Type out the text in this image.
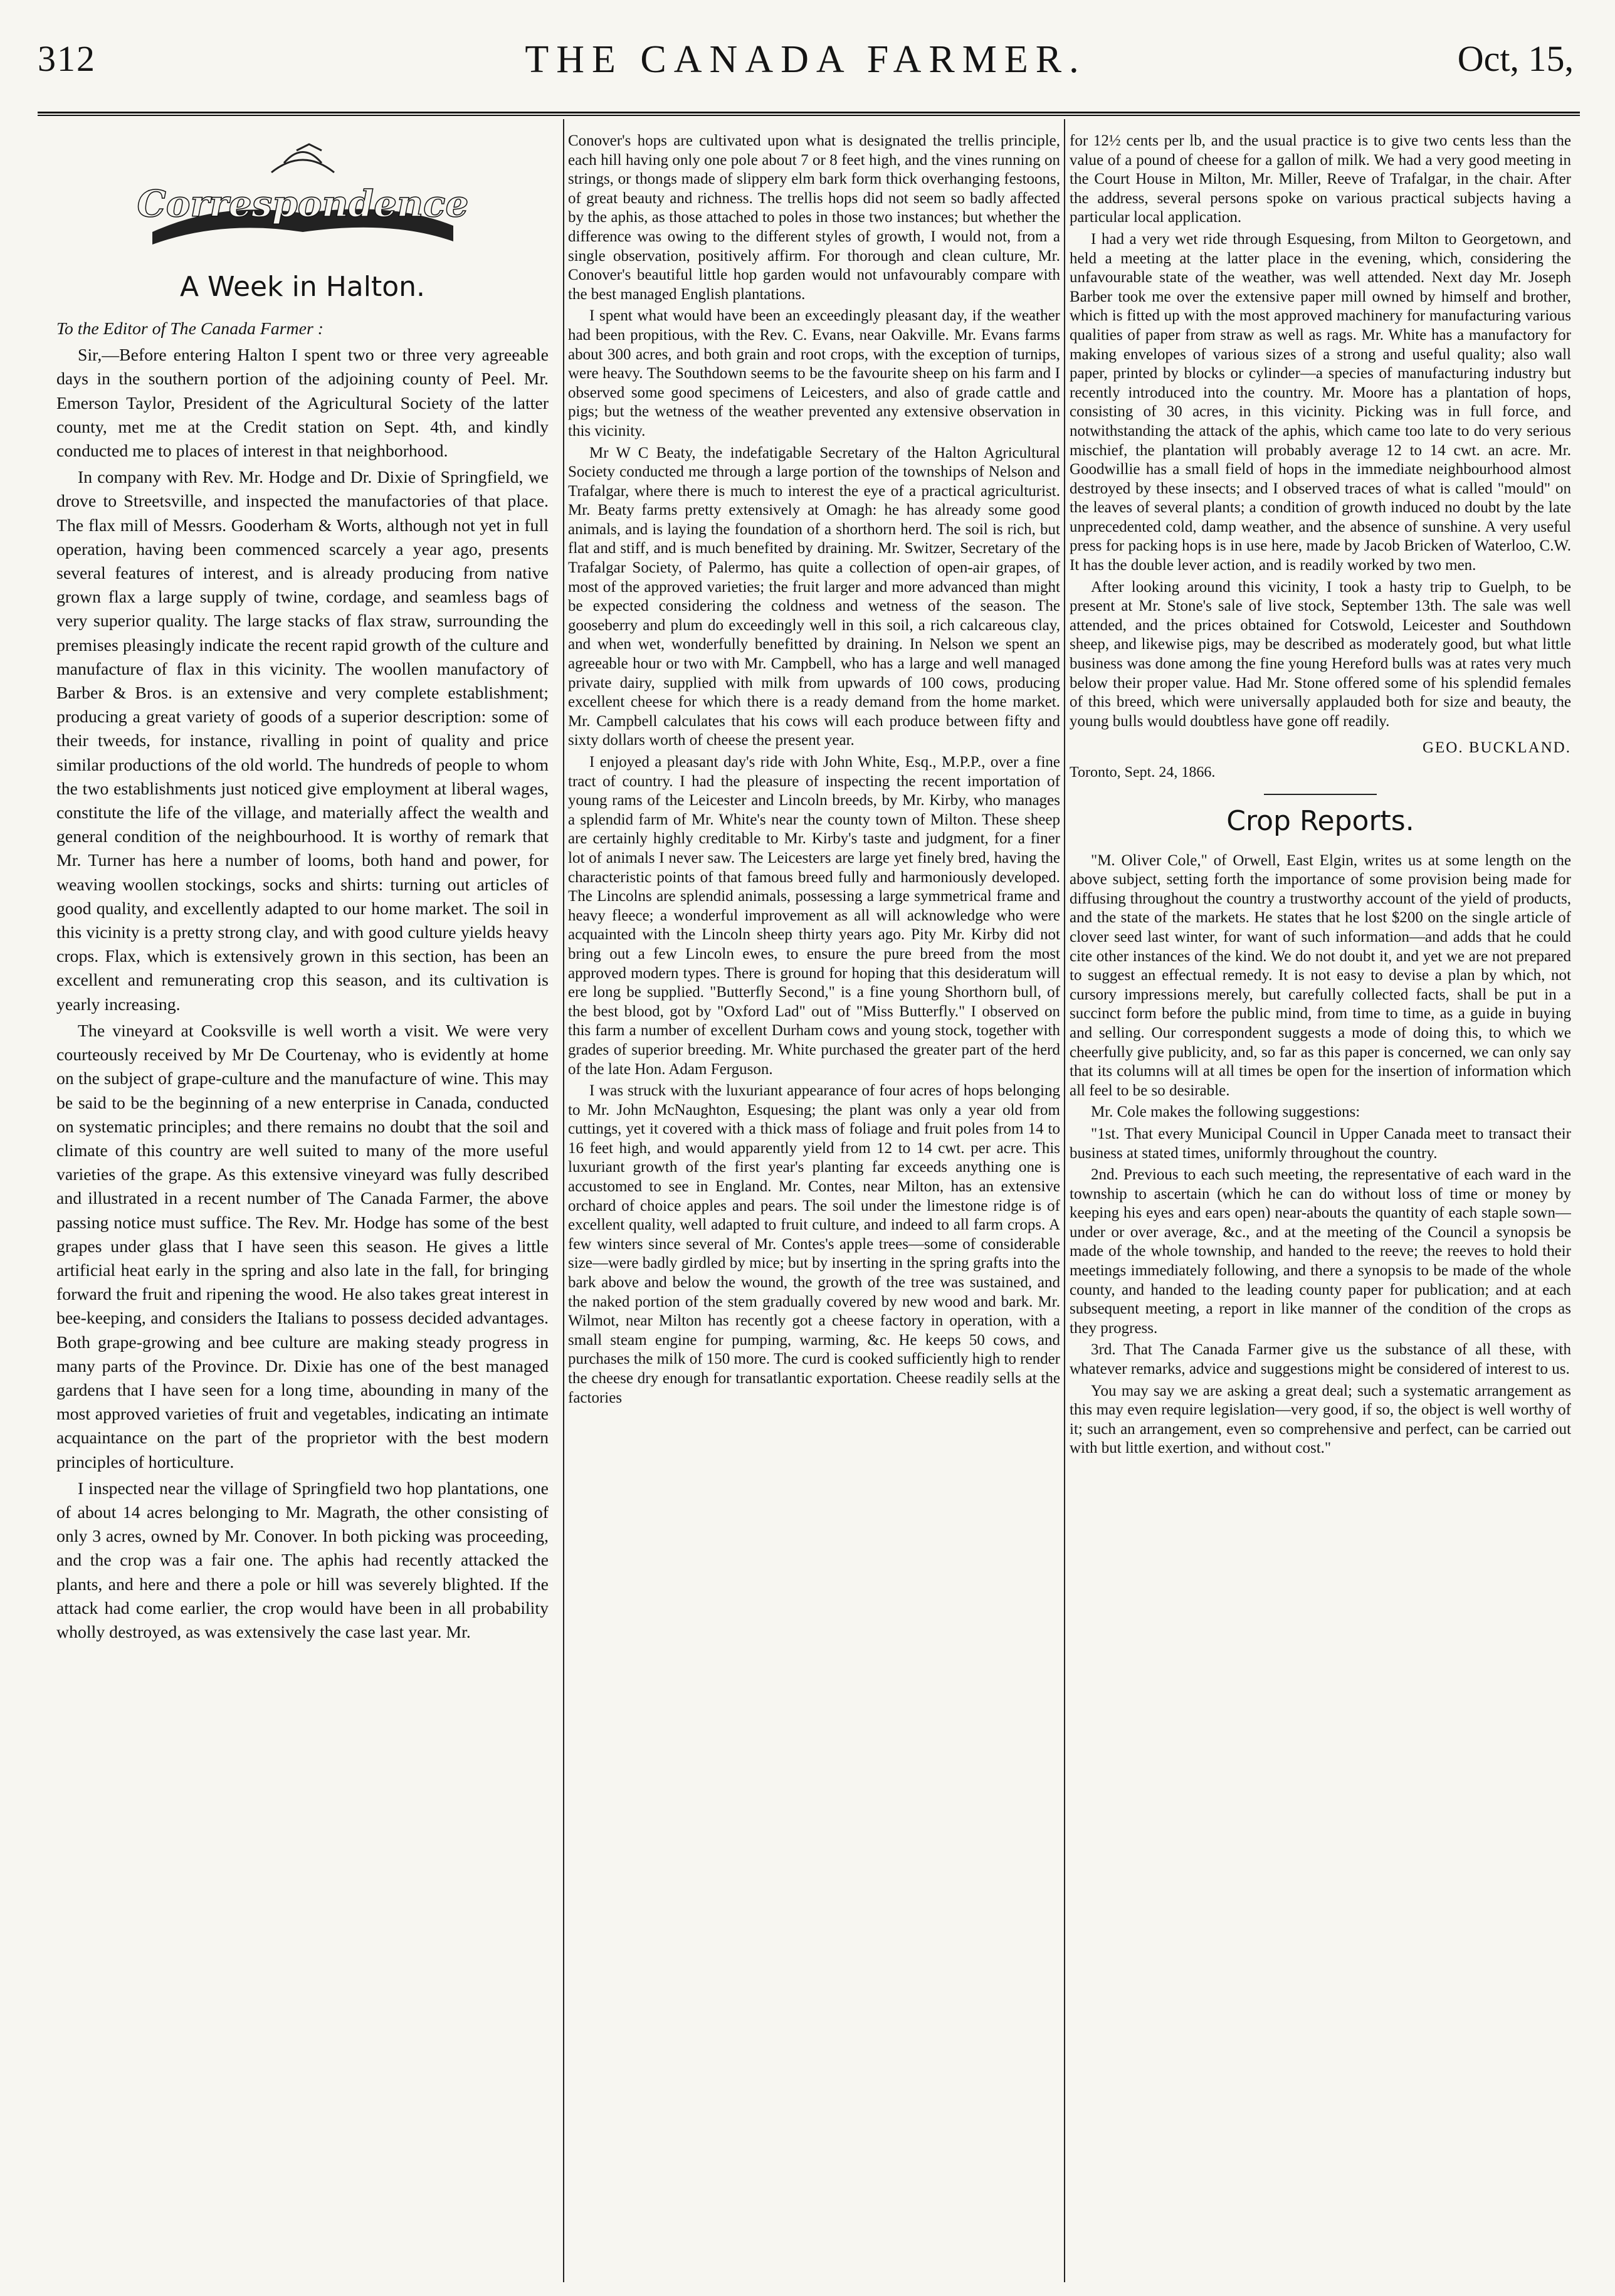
312	THE CANADA FARMER.	Oct, 15,
Correspondence
A Week in Halton.

To the Editor of The Canada Farmer :

Sir,—Before entering Halton I spent two or three very agreeable days in the southern portion of the adjoining county of Peel. Mr. Emerson Taylor, President of the Agricultural Society of the latter county, met me at the Credit station on Sept. 4th, and kindly conducted me to places of interest in that neighborhood.

In company with Rev. Mr. Hodge and Dr. Dixie of Springfield, we drove to Streetsville, and inspected the manufactories of that place. The flax mill of Messrs. Gooderham & Worts, although not yet in full operation, having been commenced scarcely a year ago, presents several features of interest, and is already producing from native grown flax a large supply of twine, cordage, and seamless bags of very superior quality. The large stacks of flax straw, surrounding the premises pleasingly indicate the recent rapid growth of the culture and manufacture of flax in this vicinity. The woollen manufactory of Barber & Bros. is an extensive and very complete establishment; producing a great variety of goods of a superior description: some of their tweeds, for instance, rivalling in point of quality and price similar productions of the old world. The hundreds of people to whom the two establishments just noticed give employment at liberal wages, constitute the life of the village, and materially affect the wealth and general condition of the neighbourhood. It is worthy of remark that Mr. Turner has here a number of looms, both hand and power, for weaving woollen stockings, socks and shirts: turning out articles of good quality, and excellently adapted to our home market. The soil in this vicinity is a pretty strong clay, and with good culture yields heavy crops. Flax, which is extensively grown in this section, has been an excellent and remunerating crop this season, and its cultivation is yearly increasing.

The vineyard at Cooksville is well worth a visit. We were very courteously received by Mr De Courtenay, who is evidently at home on the subject of grape-culture and the manufacture of wine. This may be said to be the beginning of a new enterprise in Canada, conducted on systematic principles; and there remains no doubt that the soil and climate of this country are well suited to many of the more useful varieties of the grape. As this extensive vineyard was fully described and illustrated in a recent number of The Canada Farmer, the above passing notice must suffice. The Rev. Mr. Hodge has some of the best grapes under glass that I have seen this season. He gives a little artificial heat early in the spring and also late in the fall, for bringing forward the fruit and ripening the wood. He also takes great interest in bee-keeping, and considers the Italians to possess decided advantages. Both grape-growing and bee culture are making steady progress in many parts of the Province. Dr. Dixie has one of the best managed gardens that I have seen for a long time, abounding in many of the most approved varieties of fruit and vegetables, indicating an intimate acquaintance on the part of the proprietor with the best modern principles of horticulture.

I inspected near the village of Springfield two hop plantations, one of about 14 acres belonging to Mr. Magrath, the other consisting of only 3 acres, owned by Mr. Conover. In both picking was proceeding, and the crop was a fair one. The aphis had recently attacked the plants, and here and there a pole or hill was severely blighted. If the attack had come earlier, the crop would have been in all probability wholly destroyed, as was extensively the case last year. Mr.

Conover's hops are cultivated upon what is designated the trellis principle, each hill having only one pole about 7 or 8 feet high, and the vines running on strings, or thongs made of slippery elm bark form thick overhanging festoons, of great beauty and richness. The trellis hops did not seem so badly affected by the aphis, as those attached to poles in those two instances; but whether the difference was owing to the different styles of growth, I would not, from a single observation, positively affirm. For thorough and clean culture, Mr. Conover's beautiful little hop garden would not unfavourably compare with the best managed English plantations.

I spent what would have been an exceedingly pleasant day, if the weather had been propitious, with the Rev. C. Evans, near Oakville. Mr. Evans farms about 300 acres, and both grain and root crops, with the exception of turnips, were heavy. The Southdown seems to be the favourite sheep on his farm and I observed some good specimens of Leicesters, and also of grade cattle and pigs; but the wetness of the weather prevented any extensive observation in this vicinity.

Mr W C Beaty, the indefatigable Secretary of the Halton Agricultural Society conducted me through a large portion of the townships of Nelson and Trafalgar, where there is much to interest the eye of a practical agriculturist. Mr. Beaty farms pretty extensively at Omagh: he has already some good animals, and is laying the foundation of a shorthorn herd. The soil is rich, but flat and stiff, and is much benefited by draining. Mr. Switzer, Secretary of the Trafalgar Society, of Palermo, has quite a collection of open-air grapes, of most of the approved varieties; the fruit larger and more advanced than might be expected considering the coldness and wetness of the season. The gooseberry and plum do exceedingly well in this soil, a rich calcareous clay, and when wet, wonderfully benefitted by draining. In Nelson we spent an agreeable hour or two with Mr. Campbell, who has a large and well managed private dairy, supplied with milk from upwards of 100 cows, producing excellent cheese for which there is a ready demand from the home market. Mr. Campbell calculates that his cows will each produce between fifty and sixty dollars worth of cheese the present year.

I enjoyed a pleasant day's ride with John White, Esq., M.P.P., over a fine tract of country. I had the pleasure of inspecting the recent importation of young rams of the Leicester and Lincoln breeds, by Mr. Kirby, who manages a splendid farm of Mr. White's near the county town of Milton. These sheep are certainly highly creditable to Mr. Kirby's taste and judgment, for a finer lot of animals I never saw. The Leicesters are large yet finely bred, having the characteristic points of that famous breed fully and harmoniously developed. The Lincolns are splendid animals, possessing a large symmetrical frame and heavy fleece; a wonderful improvement as all will acknowledge who were acquainted with the Lincoln sheep thirty years ago. Pity Mr. Kirby did not bring out a few Lincoln ewes, to ensure the pure breed from the most approved modern types. There is ground for hoping that this desideratum will ere long be supplied. "Butterfly Second," is a fine young Shorthorn bull, of the best blood, got by "Oxford Lad" out of "Miss Butterfly." I observed on this farm a number of excellent Durham cows and young stock, together with grades of superior breeding. Mr. White purchased the greater part of the herd of the late Hon. Adam Ferguson.

I was struck with the luxuriant appearance of four acres of hops belonging to Mr. John McNaughton, Esquesing; the plant was only a year old from cuttings, yet it covered with a thick mass of foliage and fruit poles from 14 to 16 feet high, and would apparently yield from 12 to 14 cwt. per acre. This luxuriant growth of the first year's planting far exceeds anything one is accustomed to see in England. Mr. Contes, near Milton, has an extensive orchard of choice apples and pears. The soil under the limestone ridge is of excellent quality, well adapted to fruit culture, and indeed to all farm crops. A few winters since several of Mr. Contes's apple trees—some of considerable size—were badly girdled by mice; but by inserting in the spring grafts into the bark above and below the wound, the growth of the tree was sustained, and the naked portion of the stem gradually covered by new wood and bark. Mr. Wilmot, near Milton has recently got a cheese factory in operation, with a small steam engine for pumping, warming, &c. He keeps 50 cows, and purchases the milk of 150 more. The curd is cooked sufficiently high to render the cheese dry enough for transatlantic exportation. Cheese readily sells at the factories

for 12½ cents per lb, and the usual practice is to give two cents less than the value of a pound of cheese for a gallon of milk. We had a very good meeting in the Court House in Milton, Mr. Miller, Reeve of Trafalgar, in the chair. After the address, several persons spoke on various practical subjects having a particular local application.

I had a very wet ride through Esquesing, from Milton to Georgetown, and held a meeting at the latter place in the evening, which, considering the unfavourable state of the weather, was well attended. Next day Mr. Joseph Barber took me over the extensive paper mill owned by himself and brother, which is fitted up with the most approved machinery for manufacturing various qualities of paper from straw as well as rags. Mr. White has a manufactory for making envelopes of various sizes of a strong and useful quality; also wall paper, printed by blocks or cylinder—a species of manufacturing industry but recently introduced into the country. Mr. Moore has a plantation of hops, consisting of 30 acres, in this vicinity. Picking was in full force, and notwithstanding the attack of the aphis, which came too late to do very serious mischief, the plantation will probably average 12 to 14 cwt. an acre. Mr. Goodwillie has a small field of hops in the immediate neighbourhood almost destroyed by these insects; and I observed traces of what is called "mould" on the leaves of several plants; a condition of growth induced no doubt by the late unprecedented cold, damp weather, and the absence of sunshine. A very useful press for packing hops is in use here, made by Jacob Bricken of Waterloo, C.W. It has the double lever action, and is readily worked by two men.

After looking around this vicinity, I took a hasty trip to Guelph, to be present at Mr. Stone's sale of live stock, September 13th. The sale was well attended, and the prices obtained for Cotswold, Leicester and Southdown sheep, and likewise pigs, may be described as moderately good, but what little business was done among the fine young Hereford bulls was at rates very much below their proper value. Had Mr. Stone offered some of his splendid females of this breed, which were universally applauded both for size and beauty, the young bulls would doubtless have gone off readily.

GEO. BUCKLAND.

Toronto, Sept. 24, 1866.

Crop Reports.

"M. Oliver Cole," of Orwell, East Elgin, writes us at some length on the above subject, setting forth the importance of some provision being made for diffusing throughout the country a trustworthy account of the yield of products, and the state of the markets. He states that he lost $200 on the single article of clover seed last winter, for want of such information—and adds that he could cite other instances of the kind. We do not doubt it, and yet we are not prepared to suggest an effectual remedy. It is not easy to devise a plan by which, not cursory impressions merely, but carefully collected facts, shall be put in a succinct form before the public mind, from time to time, as a guide in buying and selling. Our correspondent suggests a mode of doing this, to which we cheerfully give publicity, and, so far as this paper is concerned, we can only say that its columns will at all times be open for the insertion of information which all feel to be so desirable.

Mr. Cole makes the following suggestions:

"1st. That every Municipal Council in Upper Canada meet to transact their business at stated times, uniformly throughout the country.

2nd. Previous to each such meeting, the representative of each ward in the township to ascertain (which he can do without loss of time or money by keeping his eyes and ears open) near-abouts the quantity of each staple sown—under or over average, &c., and at the meeting of the Council a synopsis be made of the whole township, and handed to the reeve; the reeves to hold their meetings immediately following, and there a synopsis to be made of the whole county, and handed to the leading county paper for publication; and at each subsequent meeting, a report in like manner of the condition of the crops as they progress.

3rd. That The Canada Farmer give us the substance of all these, with whatever remarks, advice and suggestions might be considered of interest to us.

You may say we are asking a great deal; such a systematic arrangement as this may even require legislation—very good, if so, the object is well worthy of it; such an arrangement, even so comprehensive and perfect, can be carried out with but little exertion, and without cost."
